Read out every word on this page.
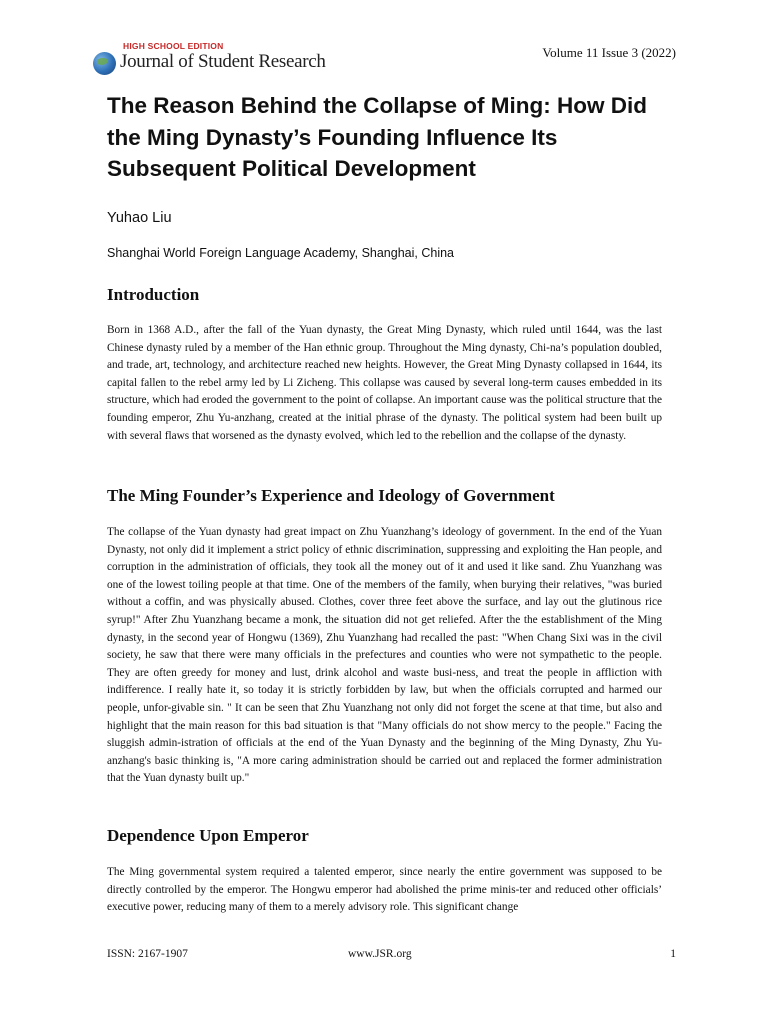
HIGH SCHOOL EDITION
Journal of Student Research	Volume 11 Issue 3 (2022)
The Reason Behind the Collapse of Ming: How Did the Ming Dynasty’s Founding Influence Its Subsequent Political Development
Yuhao Liu
Shanghai World Foreign Language Academy, Shanghai, China
Introduction
Born in 1368 A.D., after the fall of the Yuan dynasty, the Great Ming Dynasty, which ruled until 1644, was the last Chinese dynasty ruled by a member of the Han ethnic group. Throughout the Ming dynasty, Chi-na’s population doubled, and trade, art, technology, and architecture reached new heights. However, the Great Ming Dynasty collapsed in 1644, its capital fallen to the rebel army led by Li Zicheng. This collapse was caused by several long-term causes embedded in its structure, which had eroded the government to the point of collapse. An important cause was the political structure that the founding emperor, Zhu Yu-anzhang, created at the initial phrase of the dynasty. The political system had been built up with several flaws that worsened as the dynasty evolved, which led to the rebellion and the collapse of the dynasty.
The Ming Founder’s Experience and Ideology of Government
The collapse of the Yuan dynasty had great impact on Zhu Yuanzhang’s ideology of government. In the end of the Yuan Dynasty, not only did it implement a strict policy of ethnic discrimination, suppressing and exploiting the Han people, and corruption in the administration of officials, they took all the money out of it and used it like sand. Zhu Yuanzhang was one of the lowest toiling people at that time. One of the members of the family, when burying their relatives, "was buried without a coffin, and was physically abused. Clothes, cover three feet above the surface, and lay out the glutinous rice syrup!" After Zhu Yuanzhang became a monk, the situation did not get reliefed. After the the establishment of the Ming dynasty, in the second year of Hongwu (1369), Zhu Yuanzhang had recalled the past: "When Chang Sixi was in the civil society, he saw that there were many officials in the prefectures and counties who were not sympathetic to the people. They are often greedy for money and lust, drink alcohol and waste busi-ness, and treat the people in affliction with indifference. I really hate it, so today it is strictly forbidden by law, but when the officials corrupted and harmed our people, unfor-givable sin. " It can be seen that Zhu Yuanzhang not only did not forget the scene at that time, but also and highlight that the main reason for this bad situation is that "Many officials do not show mercy to the people." Facing the sluggish admin-istration of officials at the end of the Yuan Dynasty and the beginning of the Ming Dynasty, Zhu Yu-anzhang's basic thinking is, "A more caring administration should be carried out and replaced the former administration that the Yuan dynasty built up."
Dependence Upon Emperor
The Ming governmental system required a talented emperor, since nearly the entire government was supposed to be directly controlled by the emperor. The Hongwu emperor had abolished the prime minis-ter and reduced other officials’ executive power, reducing many of them to a merely advisory role. This significant change
ISSN: 2167-1907	www.JSR.org	1
